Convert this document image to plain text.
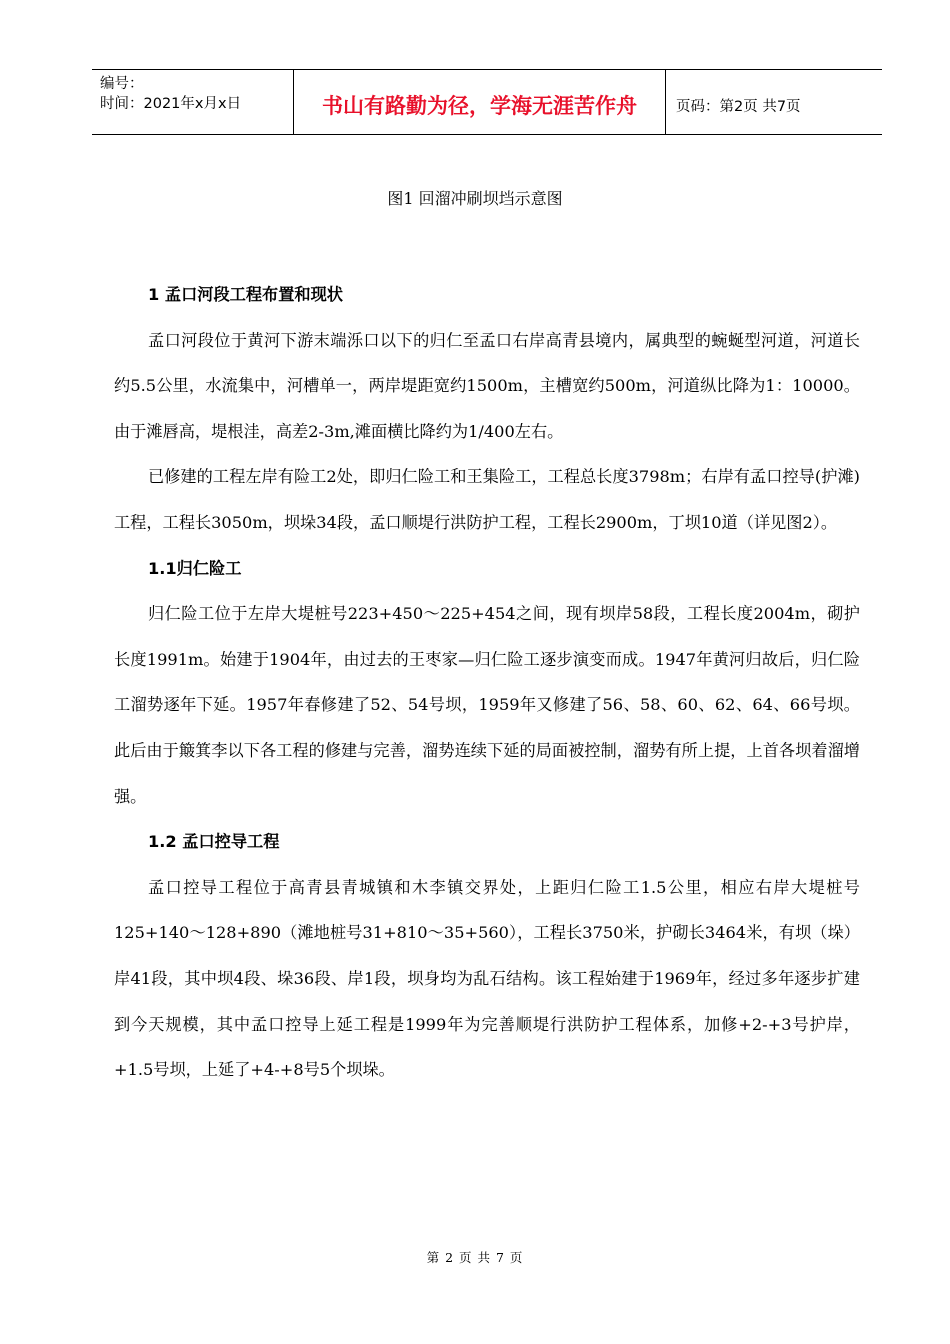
编号：
时间：2021年x月x日	书山有路勤为径，学海无涯苦作舟	页码：第2页 共7页
图1 回溜冲刷坝垱示意图
1 孟口河段工程布置和现状

孟口河段位于黄河下游末端泺口以下的归仁至孟口右岸高青县境内，属典型的蜿蜒型河道，河道长约5.5公里，水流集中，河槽单一，两岸堤距宽约1500m，主槽宽约500m，河道纵比降为1：10000。由于滩唇高，堤根洼，高差2-3m,滩面横比降约为1/400左右。

已修建的工程左岸有险工2处，即归仁险工和王集险工，工程总长度3798m；右岸有孟口控导(护滩)工程，工程长3050m，坝垛34段，孟口顺堤行洪防护工程，工程长2900m，丁坝10道（详见图2）。

1.1归仁险工

归仁险工位于左岸大堤桩号223+450～225+454之间，现有坝岸58段，工程长度2004m，砌护长度1991m。始建于1904年，由过去的王枣家—归仁险工逐步演变而成。1947年黄河归故后，归仁险工溜势逐年下延。1957年春修建了52、54号坝，1959年又修建了56、58、60、62、64、66号坝。此后由于簸箕李以下各工程的修建与完善，溜势连续下延的局面被控制，溜势有所上提，上首各坝着溜增强。

1.2 孟口控导工程

孟口控导工程位于高青县青城镇和木李镇交界处，上距归仁险工1.5公里，相应右岸大堤桩号125+140～128+890（滩地桩号31+810～35+560），工程长3750米，护砌长3464米，有坝（垛）岸41段，其中坝4段、垛36段、岸1段，坝身均为乱石结构。该工程始建于1969年，经过多年逐步扩建到今天规模，其中孟口控导上延工程是1999年为完善顺堤行洪防护工程体系，加修+2-+3号护岸，+1.5号坝，上延了+4-+8号5个坝垛。

第 2 页 共 7 页
